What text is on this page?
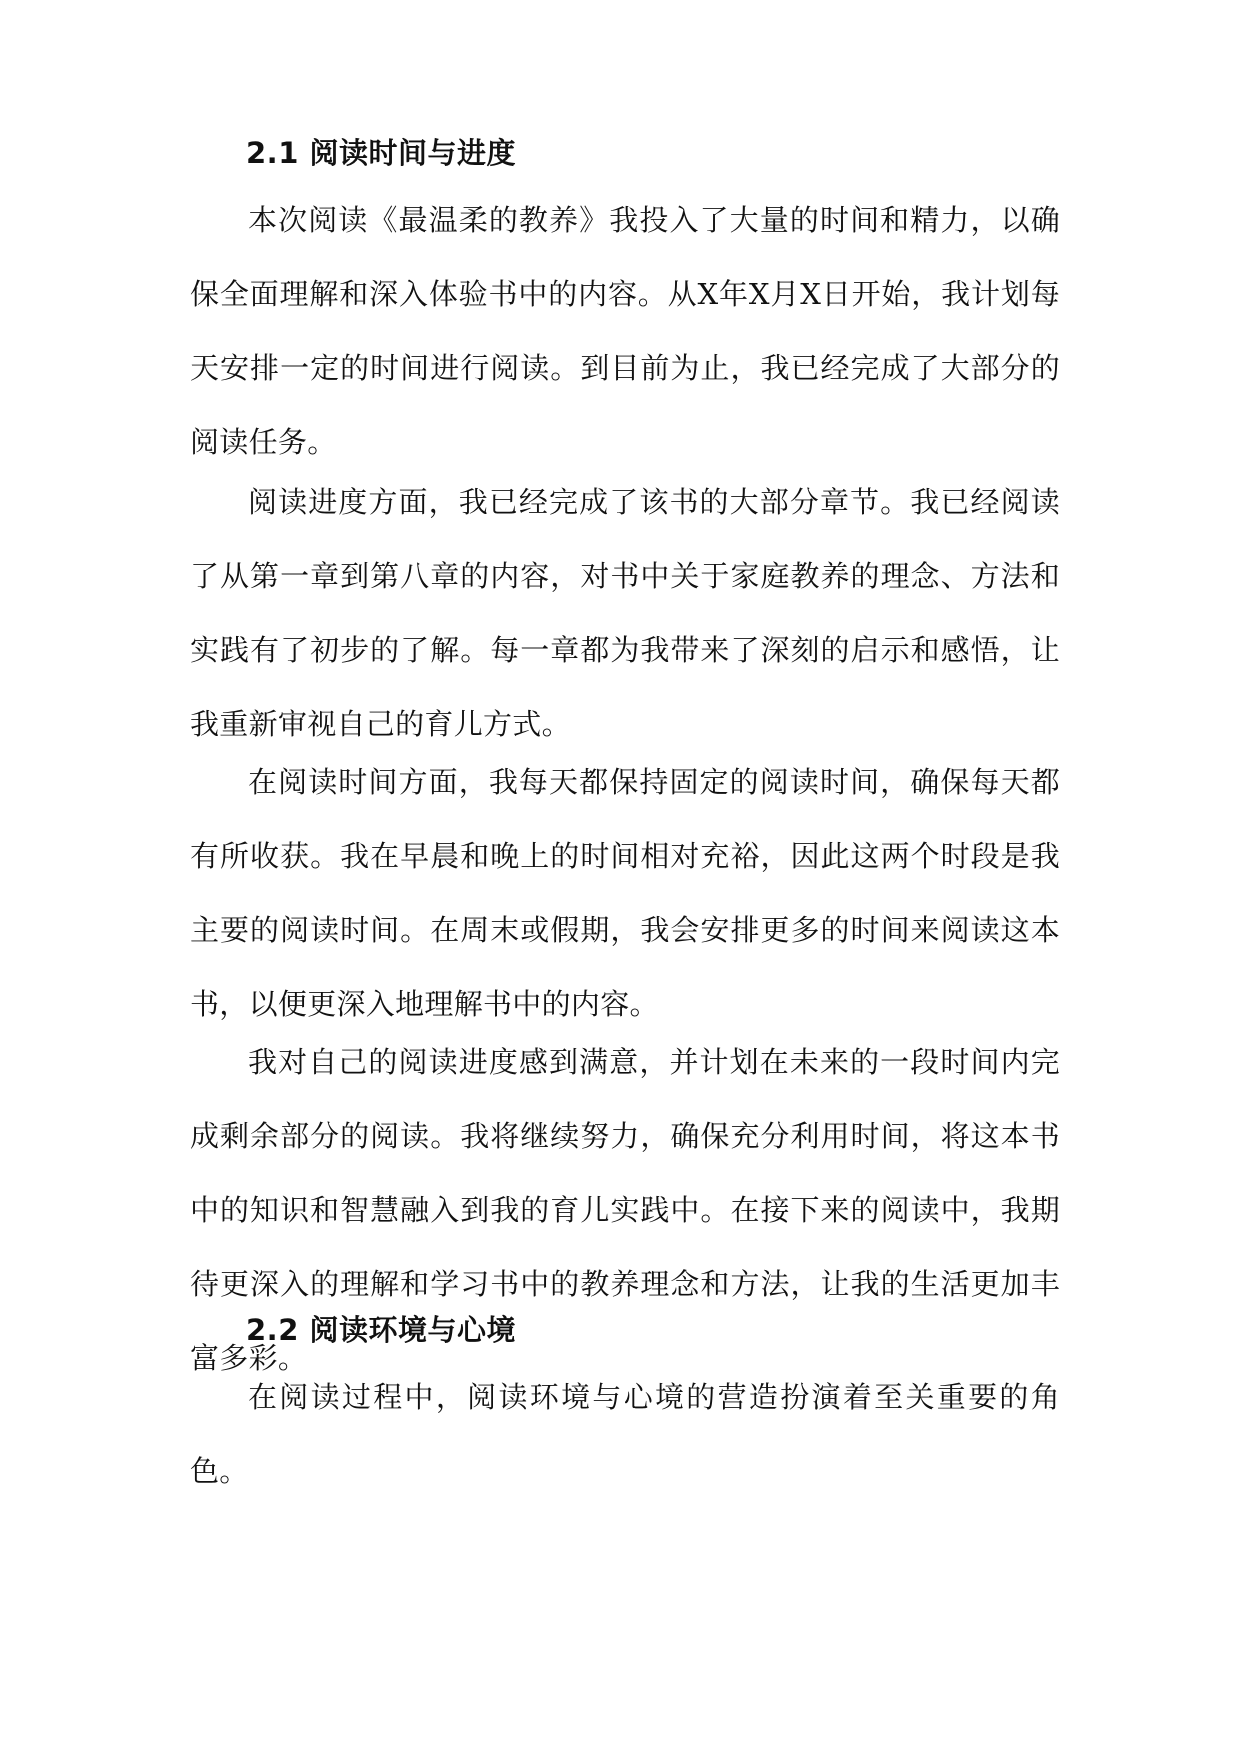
2.1 阅读时间与进度

本次阅读《最温柔的教养》我投入了大量的时间和精力，以确保全面理解和深入体验书中的内容。从X年X月X日开始，我计划每天安排一定的时间进行阅读。到目前为止，我已经完成了大部分的阅读任务。

阅读进度方面，我已经完成了该书的大部分章节。我已经阅读了从第一章到第八章的内容，对书中关于家庭教养的理念、方法和实践有了初步的了解。每一章都为我带来了深刻的启示和感悟，让我重新审视自己的育儿方式。

在阅读时间方面，我每天都保持固定的阅读时间，确保每天都有所收获。我在早晨和晚上的时间相对充裕，因此这两个时段是我主要的阅读时间。在周末或假期，我会安排更多的时间来阅读这本书，以便更深入地理解书中的内容。

我对自己的阅读进度感到满意，并计划在未来的一段时间内完成剩余部分的阅读。我将继续努力，确保充分利用时间，将这本书中的知识和智慧融入到我的育儿实践中。在接下来的阅读中，我期待更深入的理解和学习书中的教养理念和方法，让我的生活更加丰富多彩。

2.2 阅读环境与心境

在阅读过程中，阅读环境与心境的营造扮演着至关重要的角色。
